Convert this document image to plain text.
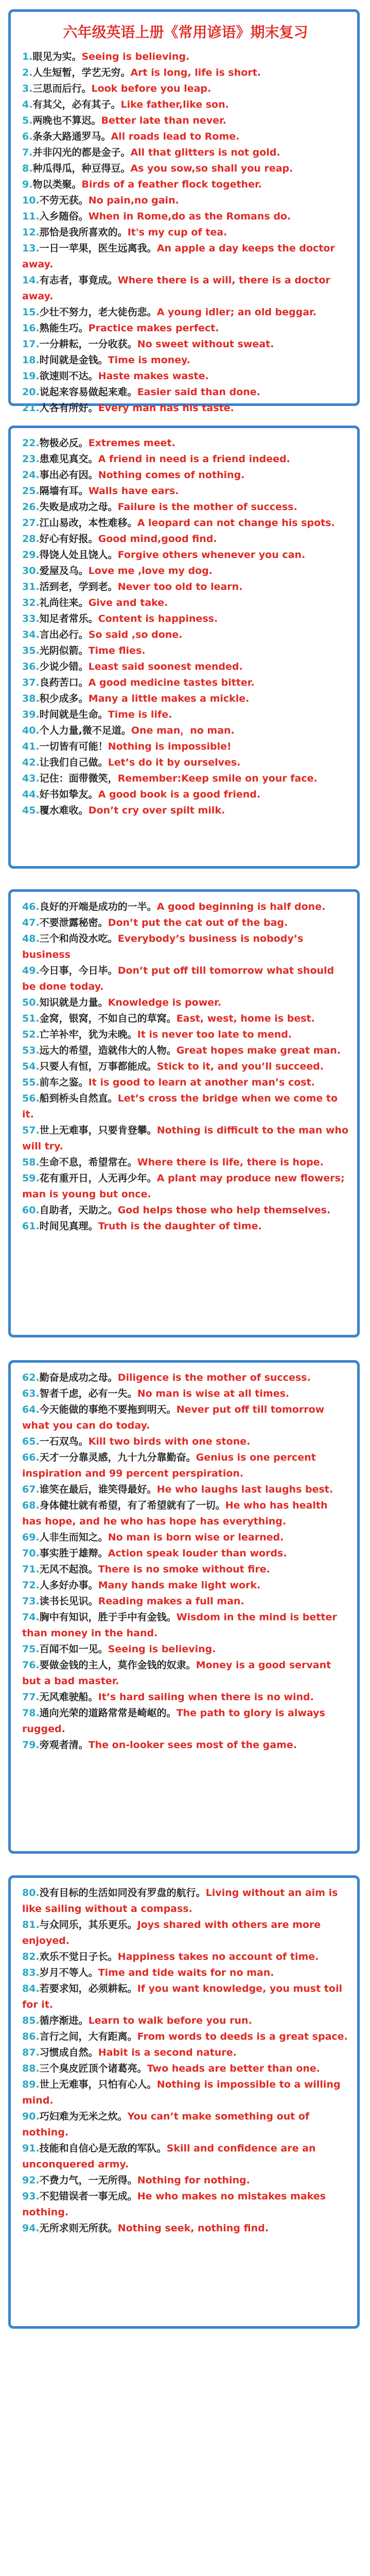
六年级英语上册《常用谚语》期末复习
1.眼见为实。Seeing is believing.
2.人生短暂，学艺无穷。Art is long, life is short.
3.三思而后行。Look before you leap.
4.有其父，必有其子。Like father,like son.
5.两晚也不算迟。Better late than never.
6.条条大路通罗马。All roads lead to Rome.
7.并非闪光的都是金子。All that glitters is not gold.
8.种瓜得瓜，种豆得豆。As you sow,so shall you reap.
9.物以类聚。Birds of a feather flock together.
10.不劳无获。No pain,no gain.
11.入乡随俗。When in Rome,do as the Romans do.
12.那恰是我所喜欢的。It's my cup of tea.
13.一日一苹果，医生远离我。An apple a day keeps the doctor away.
14.有志者，事竟成。Where there is a will, there is a doctor away.
15.少壮不努力，老大徒伤悲。A young idler; an old beggar.
16.熟能生巧。Practice makes perfect.
17.一分耕耘，一分收获。No sweet without sweat.
18.时间就是金钱。Time is money.
19.欲速则不达。Haste makes waste.
20.说起来容易做起来难。Easier said than done.
21.人各有所好。Every man has his taste.
22.物极必反。Extremes meet.
23.患难见真交。A friend in need is a friend indeed.
24.事出必有因。Nothing comes of nothing.
25.隔墙有耳。Walls have ears.
26.失败是成功之母。Failure is the mother of success.
27.江山易改，本性难移。A leopard can not change his spots.
28.好心有好报。Good mind,good find.
29.得饶人处且饶人。Forgive others whenever you can.
30.爱屋及乌。Love me ,love my dog.
31.活到老，学到老。Never too old to learn.
32.礼尚往来。Give and take.
33.知足者常乐。Content is happiness.
34.言出必行。So said ,so done.
35.光阴似箭。Time flies.
36.少说少错。Least said soonest mended.
37.良药苦口。A good medicine tastes bitter.
38.积少成多。Many a little makes a mickle.
39.时间就是生命。Time is life.
40.个人力量,微不足道。One man，no man.
41.一切皆有可能！Nothing is impossible!
42.让我们自己做。Let’s do it by ourselves.
43.记住：面带微笑，Remember:Keep smile on your face.
44.好书如挚友。A good book is a good friend.
45.覆水难收。Don’t cry over spilt milk.
46.良好的开端是成功的一半。A good beginning is half done.
47.不要泄露秘密。Don’t put the cat out of the bag.
48.三个和尚没水吃。Everybody’s business is nobody’s business
49.今日事，今日毕。Don’t put off till tomorrow what should be done today.
50.知识就是力量。Knowledge is power.
51.金窝，银窝，不如自己的草窝。East, west, home is best.
52.亡羊补牢，犹为未晚。It is never too late to mend.
53.远大的希望，造就伟大的人物。Great hopes make great man.
54.只要人有恒，万事都能成。Stick to it, and you’ll succeed.
55.前车之鉴。It is good to learn at another man’s cost.
56.船到桥头自然直。Let’s cross the bridge when we come to it.
57.世上无难事，只要肯登攀。Nothing is difficult to the man who will try.
58.生命不息，希望常在。Where there is life, there is hope.
59.花有重开日，人无再少年。A plant may produce new flowers; man is young but once.
60.自助者，天助之。God helps those who help themselves.
61.时间见真理。Truth is the daughter of time.
62.勤奋是成功之母。Diligence is the mother of success.
63.智者千虑，必有一失。No man is wise at all times.
64.今天能做的事绝不要拖到明天。Never put off till tomorrow what you can do today.
65.一石双鸟。Kill two birds with one stone.
66.天才一分靠灵感，九十九分靠勤奋。Genius is one percent inspiration and 99 percent perspiration.
67.谁笑在最后，谁笑得最好。He who laughs last laughs best.
68.身体健壮就有希望，有了希望就有了一切。He who has health has hope, and he who has hope has everything.
69.人非生而知之。No man is born wise or learned.
70.事实胜于雄辩。Action speak louder than words.
71.无风不起浪。There is no smoke without fire.
72.人多好办事。Many hands make light work.
73.读书长见识。Reading makes a full man.
74.胸中有知识，胜于手中有金钱。Wisdom in the mind is better than money in the hand.
75.百闻不如一见。Seeing is believing.
76.要做金钱的主人，莫作金钱的奴隶。Money is a good servant but a bad master.
77.无风难驶船。It’s hard sailing when there is no wind.
78.通向光荣的道路常常是崎岖的。The path to glory is always rugged.
79.旁观者清。The on-looker sees most of the game.
80.没有目标的生活如同没有罗盘的航行。Living without an aim is like sailing without a compass.
81.与众同乐，其乐更乐。Joys shared with others are more enjoyed.
82.欢乐不觉日子长。Happiness takes no account of time.
83.岁月不等人。Time and tide waits for no man.
84.若要求知，必须耕耘。If you want knowledge, you must toil for it.
85.循序渐进。Learn to walk before you run.
86.言行之间，大有距离。From words to deeds is a great space.
87.习惯成自然。Habit is a second nature.
88.三个臭皮匠顶个诸葛亮。Two heads are better than one.
89.世上无难事，只怕有心人。Nothing is impossible to a willing mind.
90.巧妇难为无米之炊。You can’t make something out of nothing.
91.技能和自信心是无敌的军队。Skill and confidence are an unconquered army.
92.不费力气，一无所得。Nothing for nothing.
93.不犯错误者一事无成。He who makes no mistakes makes nothing.
94.无所求则无所获。Nothing seek, nothing find.
